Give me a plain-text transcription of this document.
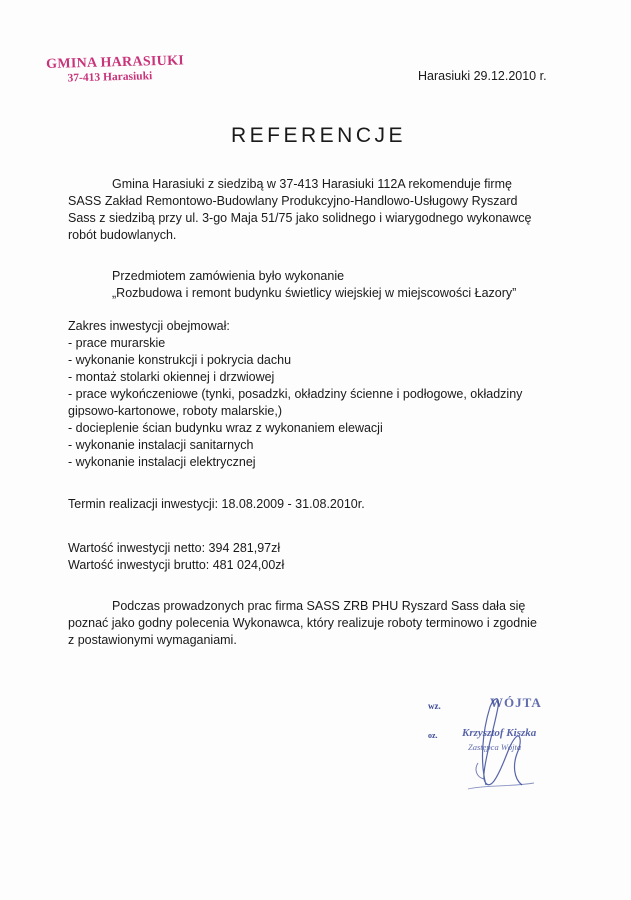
GMINA HARASIUKI
37-413 Harasiuki	Harasiuki 29.12.2010 r.
REFERENCJE
Gmina Harasiuki z siedzibą w 37-413 Harasiuki 112A rekomenduje firmę
SASS Zakład Remontowo-Budowlany Produkcyjno-Handlowo-Usługowy Ryszard
Sass z siedzibą przy ul. 3-go Maja 51/75 jako solidnego i wiarygodnego wykonawcę
robót budowlanych.
Przedmiotem zamówienia było wykonanie
„Rozbudowa i remont budynku świetlicy wiejskiej w miejscowości Łazory”
Zakres inwestycji obejmował:
- prace murarskie
- wykonanie konstrukcji i pokrycia dachu
- montaż stolarki okiennej i drzwiowej
- prace wykończeniowe (tynki, posadzki, okładziny ścienne i podłogowe, okładziny
gipsowo-kartonowe, roboty malarskie,)
- docieplenie ścian budynku wraz z wykonaniem elewacji
- wykonanie instalacji sanitarnych
- wykonanie instalacji elektrycznej
Termin realizacji inwestycji: 18.08.2009 - 31.08.2010r.
Wartość inwestycji netto: 394 281,97zł
Wartość inwestycji brutto: 481 024,00zł
Podczas prowadzonych prac firma SASS ZRB PHU Ryszard Sass dała się
poznać jako godny polecenia Wykonawca, który realizuje roboty terminowo i zgodnie
z postawionymi wymaganiami.
wz.	WÓJTA
oz. Krzysztof Kiszka
Zastępca Wójta
